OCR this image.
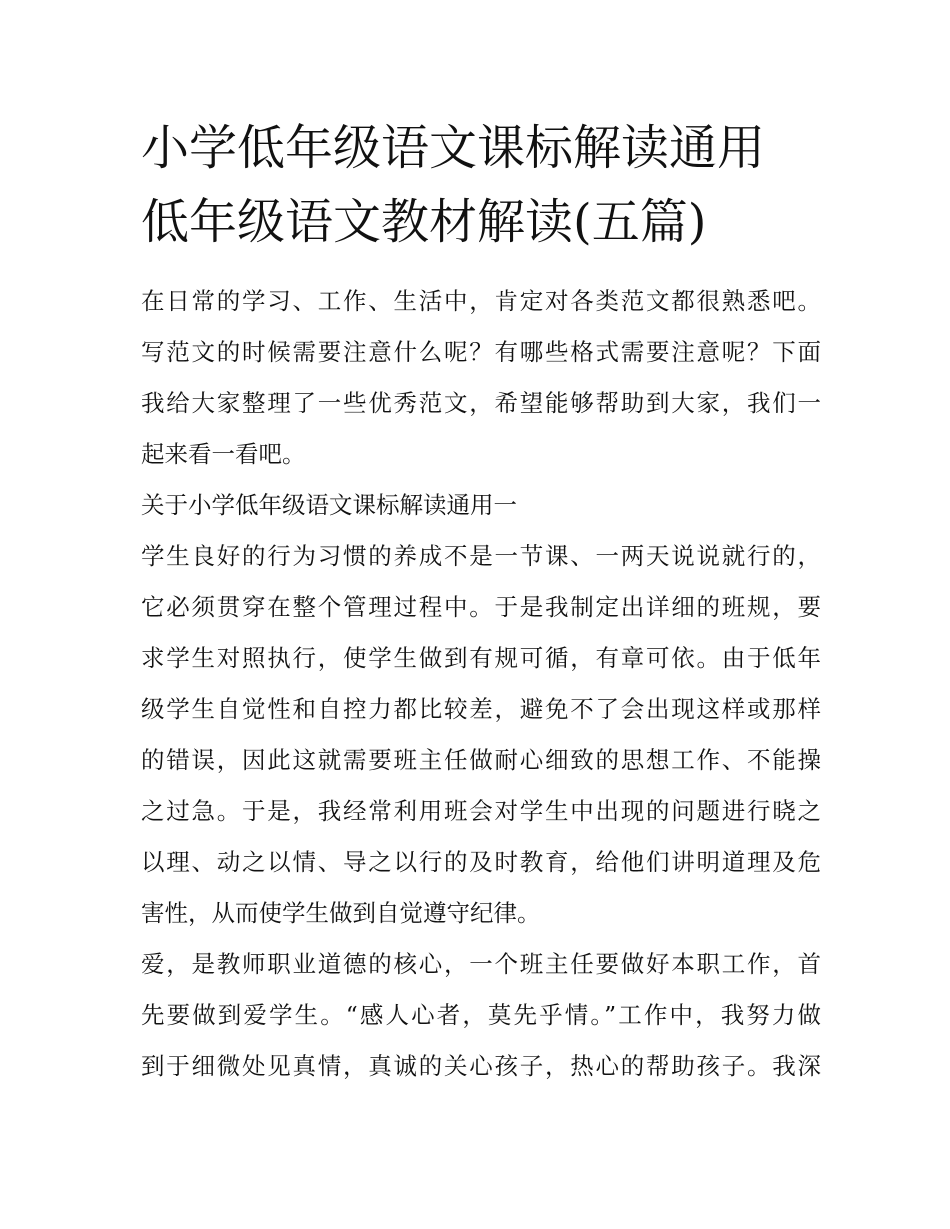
小学低年级语文课标解读通用
低年级语文教材解读(五篇)
在日常的学习、工作、生活中，肯定对各类范文都很熟悉吧。
写范文的时候需要注意什么呢？有哪些格式需要注意呢？下面
我给大家整理了一些优秀范文，希望能够帮助到大家，我们一
起来看一看吧。
关于小学低年级语文课标解读通用一
学生良好的行为习惯的养成不是一节课、一两天说说就行的，
它必须贯穿在整个管理过程中。于是我制定出详细的班规，要
求学生对照执行，使学生做到有规可循，有章可依。由于低年
级学生自觉性和自控力都比较差，避免不了会出现这样或那样
的错误，因此这就需要班主任做耐心细致的思想工作、不能操
之过急。于是，我经常利用班会对学生中出现的问题进行晓之
以理、动之以情、导之以行的及时教育，给他们讲明道理及危
害性，从而使学生做到自觉遵守纪律。
爱，是教师职业道德的核心，一个班主任要做好本职工作，首
先要做到爱学生。“感人心者，莫先乎情。”工作中，我努力做
到于细微处见真情，真诚的关心孩子，热心的帮助孩子。我深
